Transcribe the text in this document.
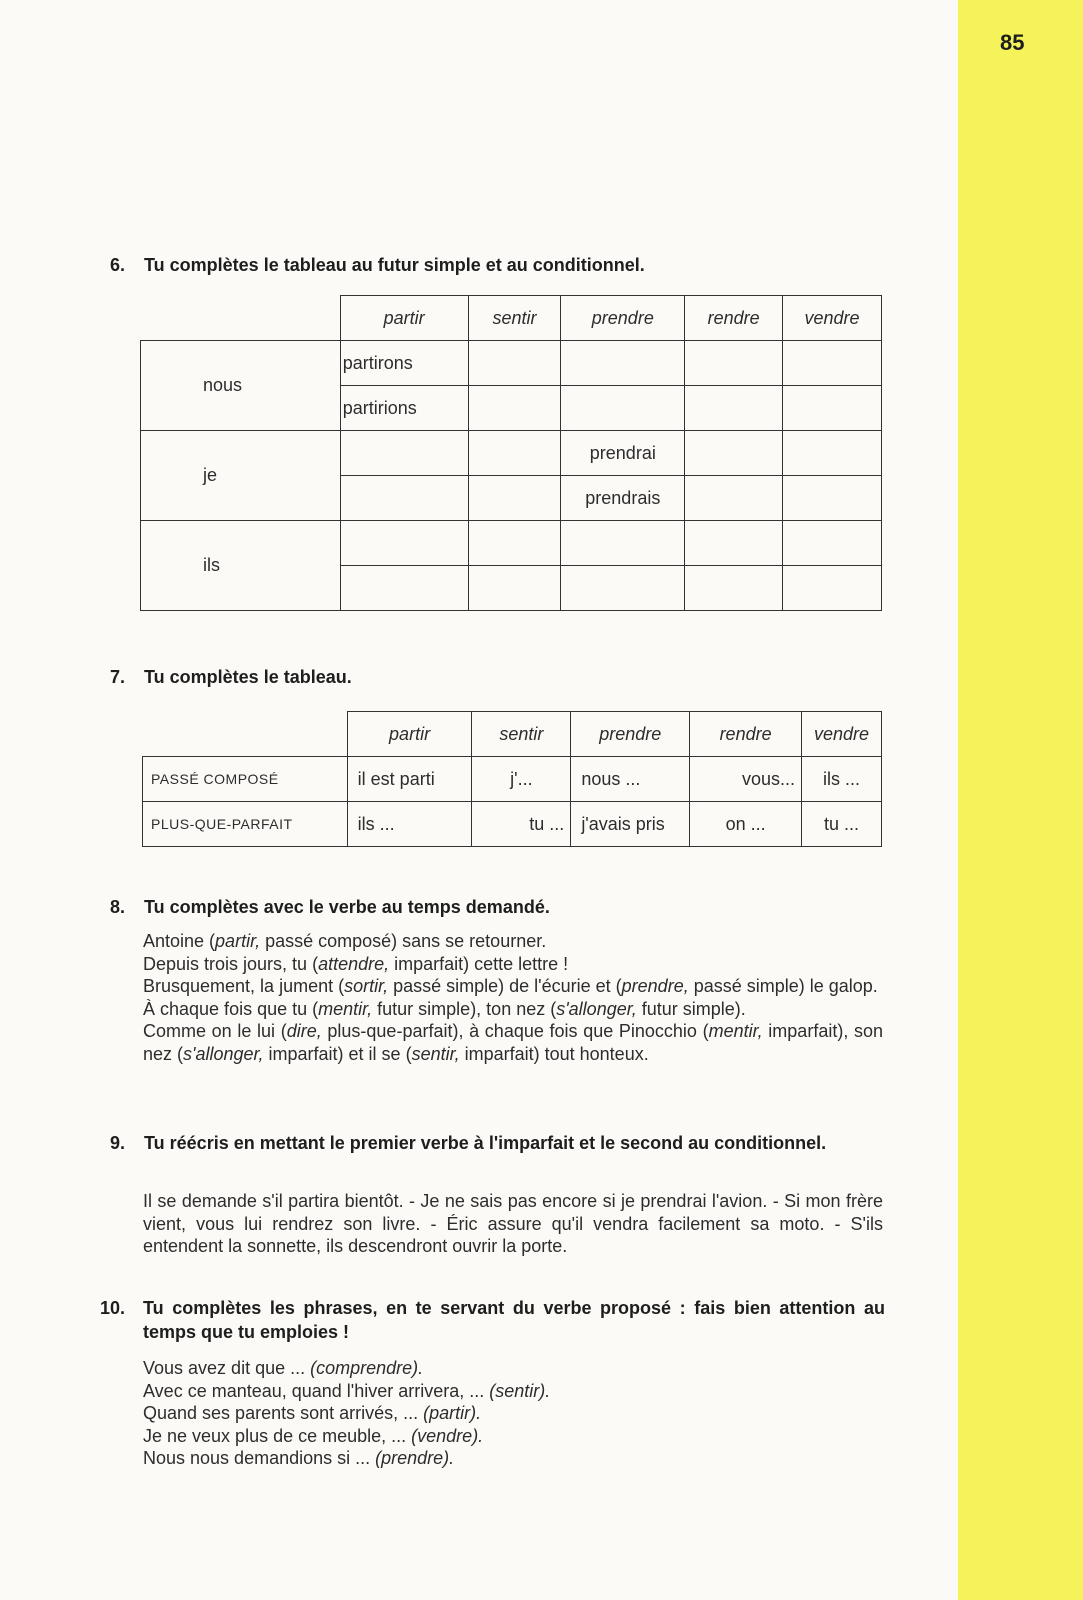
85
6. Tu complètes le tableau au futur simple et au conditionnel.
	partir	sentir	prendre	rendre	vendre
nous	partirons				
	partirions				
je			prendrai		
			prendrais		
ils					

7. Tu complètes le tableau.
	partir	sentir	prendre	rendre	vendre
PASSÉ COMPOSÉ	il est parti	j'...	nous ...	vous...	ils ...
PLUS-QUE-PARFAIT	ils ...	tu ...	j'avais pris	on ...	tu ...
8. Tu complètes avec le verbe au temps demandé.

Antoine (partir, passé composé) sans se retourner.

Depuis trois jours, tu (attendre, imparfait) cette lettre !

Brusquement, la jument (sortir, passé simple) de l'écurie et (prendre, passé simple) le galop.

À chaque fois que tu (mentir, futur simple), ton nez (s'allonger, futur simple).

Comme on le lui (dire, plus-que-parfait), à chaque fois que Pinocchio (mentir, imparfait), son nez (s'allonger, imparfait) et il se (sentir, imparfait) tout honteux.

9.	Tu réécris en mettant le premier verbe à l'imparfait et le second au conditionnel.

Il se demande s'il partira bientôt. - Je ne sais pas encore si je prendrai l'avion. - Si mon frère vient, vous lui rendrez son livre. - Éric assure qu'il vendra facilement sa moto. - S'ils entendent la sonnette, ils descendront ouvrir la porte.

10. Tu complètes les phrases, en te servant du verbe proposé : fais bien attention au temps que tu emploies !

Vous avez dit que ... (comprendre).

Avec ce manteau, quand l'hiver arrivera, ... (sentir).

Quand ses parents sont arrivés, ... (partir).

Je ne veux plus de ce meuble, ... (vendre).

Nous nous demandions si ... (prendre).
